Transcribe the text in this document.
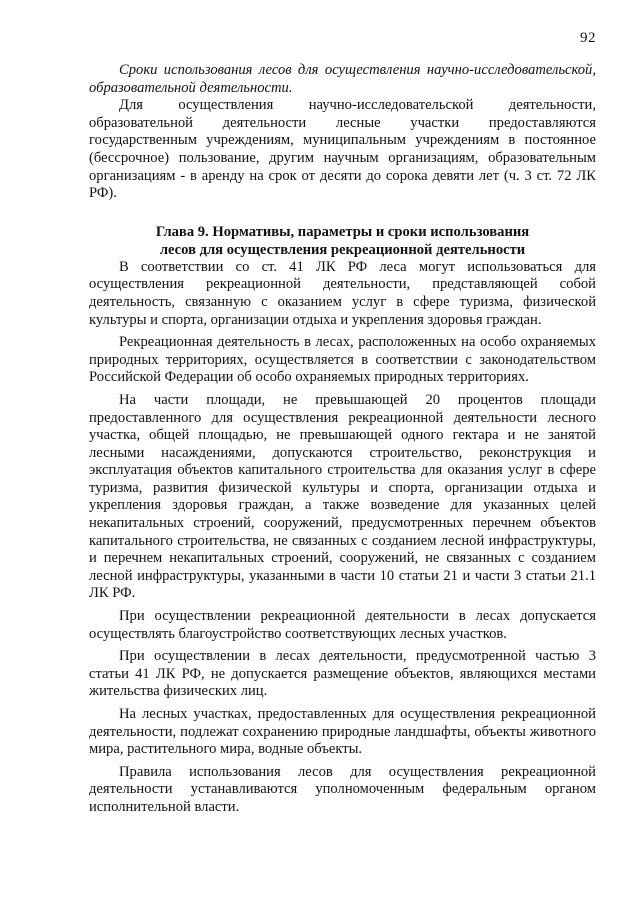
92

Сроки использования лесов для осуществления научно-исследовательской, образовательной деятельности.

Для осуществления научно-исследовательской деятельности, образовательной деятельности лесные участки предоставляются государственным учреждениям, муниципальным учреждениям в постоянное (бессрочное) пользование, другим научным организациям, образовательным организациям - в аренду на срок от десяти до сорока девяти лет (ч. 3 ст. 72 ЛК РФ).

Глава 9. Нормативы, параметры и сроки использования
лесов для осуществления рекреационной деятельности

В соответствии со ст. 41 ЛК РФ леса могут использоваться для осуществления рекреационной деятельности, представляющей собой деятельность, связанную с оказанием услуг в сфере туризма, физической культуры и спорта, организации отдыха и укрепления здоровья граждан.

Рекреационная деятельность в лесах, расположенных на особо охраняемых природных территориях, осуществляется в соответствии с законодательством Российской Федерации об особо охраняемых природных территориях.

На части площади, не превышающей 20 процентов площади предоставленного для осуществления рекреационной деятельности лесного участка, общей площадью, не превышающей одного гектара и не занятой лесными насаждениями, допускаются строительство, реконструкция и эксплуатация объектов капитального строительства для оказания услуг в сфере туризма, развития физической культуры и спорта, организации отдыха и укрепления здоровья граждан, а также возведение для указанных целей некапитальных строений, сооружений, предусмотренных перечнем объектов капитального строительства, не связанных с созданием лесной инфраструктуры, и перечнем некапитальных строений, сооружений, не связанных с созданием лесной инфраструктуры, указанными в части 10 статьи 21 и части 3 статьи 21.1 ЛК РФ.

При осуществлении рекреационной деятельности в лесах допускается осуществлять благоустройство соответствующих лесных участков.

При осуществлении в лесах деятельности, предусмотренной частью 3 статьи 41 ЛК РФ, не допускается размещение объектов, являющихся местами жительства физических лиц.

На лесных участках, предоставленных для осуществления рекреационной деятельности, подлежат сохранению природные ландшафты, объекты животного мира, растительного мира, водные объекты.

Правила использования лесов для осуществления рекреационной деятельности устанавливаются уполномоченным федеральным органом исполнительной власти.
